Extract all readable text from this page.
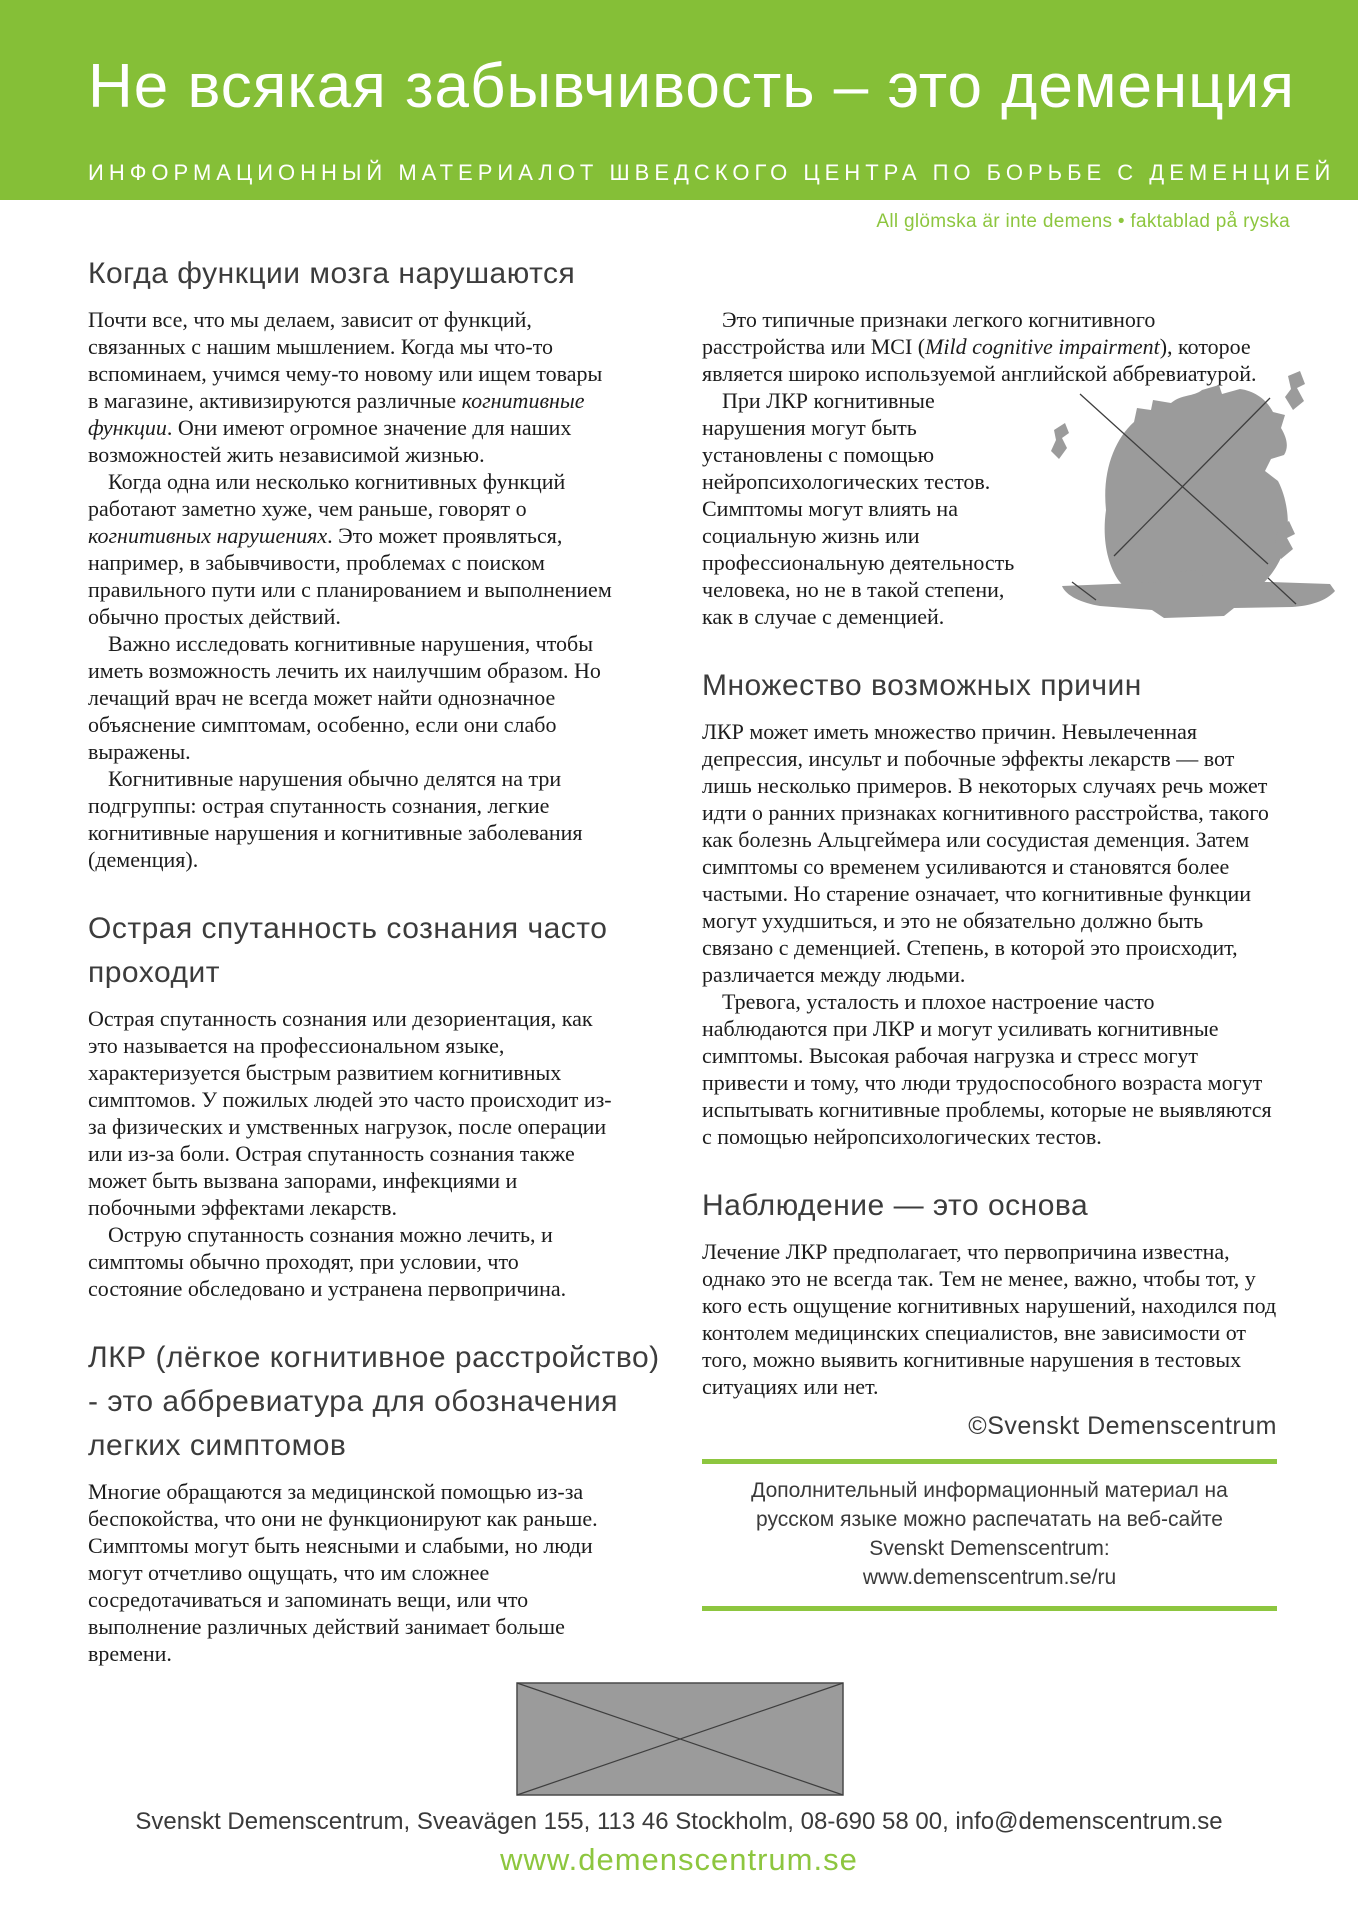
Не всякая забывчивость – это деменция
ИНФОРМАЦИОННЫЙ МАТЕРИАЛОТ ШВЕДСКОГО ЦЕНТРА ПО БОРЬБЕ С ДЕМЕНЦИЕЙ
All glömska är inte demens • faktablad på ryska
Когда функции мозга нарушаются

Почти все, что мы делаем, зависит от функций, связанных с нашим мышлением. Когда мы что-то вспоминаем, учимся чему-то новому или ищем товары в магазине, активизируются различные когнитивные функции. Они имеют огромное значение для наших возможностей жить независимой жизнью.

Когда одна или несколько когнитивных функций работают заметно хуже, чем раньше, говорят о когнитивных нарушениях. Это может проявляться, например, в забывчивости, проблемах с поиском правильного пути или с планированием и выполнением обычно простых действий.

Важно исследовать когнитивные нарушения, чтобы иметь возможность лечить их наилучшим образом. Но лечащий врач не всегда может найти однозначное объяснение симптомам, особенно, если они слабо выражены.

Когнитивные нарушения обычно делятся на три подгруппы: острая спутанность сознания, легкие когнитивные нарушения и когнитивные заболевания (деменция).

Острая спутанность сознания часто
проходит

Острая спутанность сознания или дезориентация, как это называется на профессиональном языке, характеризуется быстрым развитием когнитивных симптомов. У пожилых людей это часто происходит из-за физических и умственных нагрузок, после операции или из-за боли. Острая спутанность сознания также может быть вызвана запорами, инфекциями и побочными эффектами лекарств.

Острую спутанность сознания можно лечить, и симптомы обычно проходят, при условии, что состояние обследовано и устранена первопричина.

ЛКР (лёгкое когнитивное расстройство)
- это аббревиатура для обозначения
легких симптомов

Многие обращаются за медицинской помощью из-за беспокойства, что они не функционируют как раньше. Симптомы могут быть неясными и слабыми, но люди могут отчетливо ощущать, что им сложнее сосредотачиваться и запоминать вещи, или что выполнение различных действий занимает больше времени.

Это типичные признаки легкого когнитивного расстройства или MCI (Mild cognitive impairment), которое является широко используемой английской аббревиатурой.

При ЛКР когнитивные нарушения могут быть установлены с помощью нейропсихологических тестов. Симптомы могут влиять на социальную жизнь или профессиональную деятельность человека, но не в такой степени, как в случае с деменцией.

Множество возможных причин

ЛКР может иметь множество причин. Невылеченная депрессия, инсульт и побочные эффекты лекарств — вот лишь несколько примеров. В некоторых случаях речь может идти о ранних признаках когнитивного расстройства, такого как болезнь Альцгеймера или сосудистая деменция. Затем симптомы со временем усиливаются и становятся более частыми. Но старение означает, что когнитивные функции могут ухудшиться, и это не обязательно должно быть связано с деменцией. Степень, в которой это происходит, различается между людьми.

Тревога, усталость и плохое настроение часто наблюдаются при ЛКР и могут усиливать когнитивные симптомы. Высокая рабочая нагрузка и стресс могут привести и тому, что люди трудоспособного возраста могут испытывать когнитивные проблемы, которые не выявляются с помощью нейропсихологических тестов.

Наблюдение — это основа

Лечение ЛКР предполагает, что первопричина известна, однако это не всегда так. Тем не менее, важно, чтобы тот, у кого есть ощущение когнитивных нарушений, находился под контолем медицинских специалистов, вне зависимости от того, можно выявить когнитивные нарушения в тестовых ситуациях или нет.

©Svenskt Demenscentrum
Дополнительный информационный материал на
русском языке можно распечатать на веб-сайте
Svenskt Demenscentrum:
www.demenscentrum.se/ru
Svenskt Demenscentrum, Sveavägen 155, 113 46 Stockholm, 08-690 58 00, info@demenscentrum.se
www.demenscentrum.se
